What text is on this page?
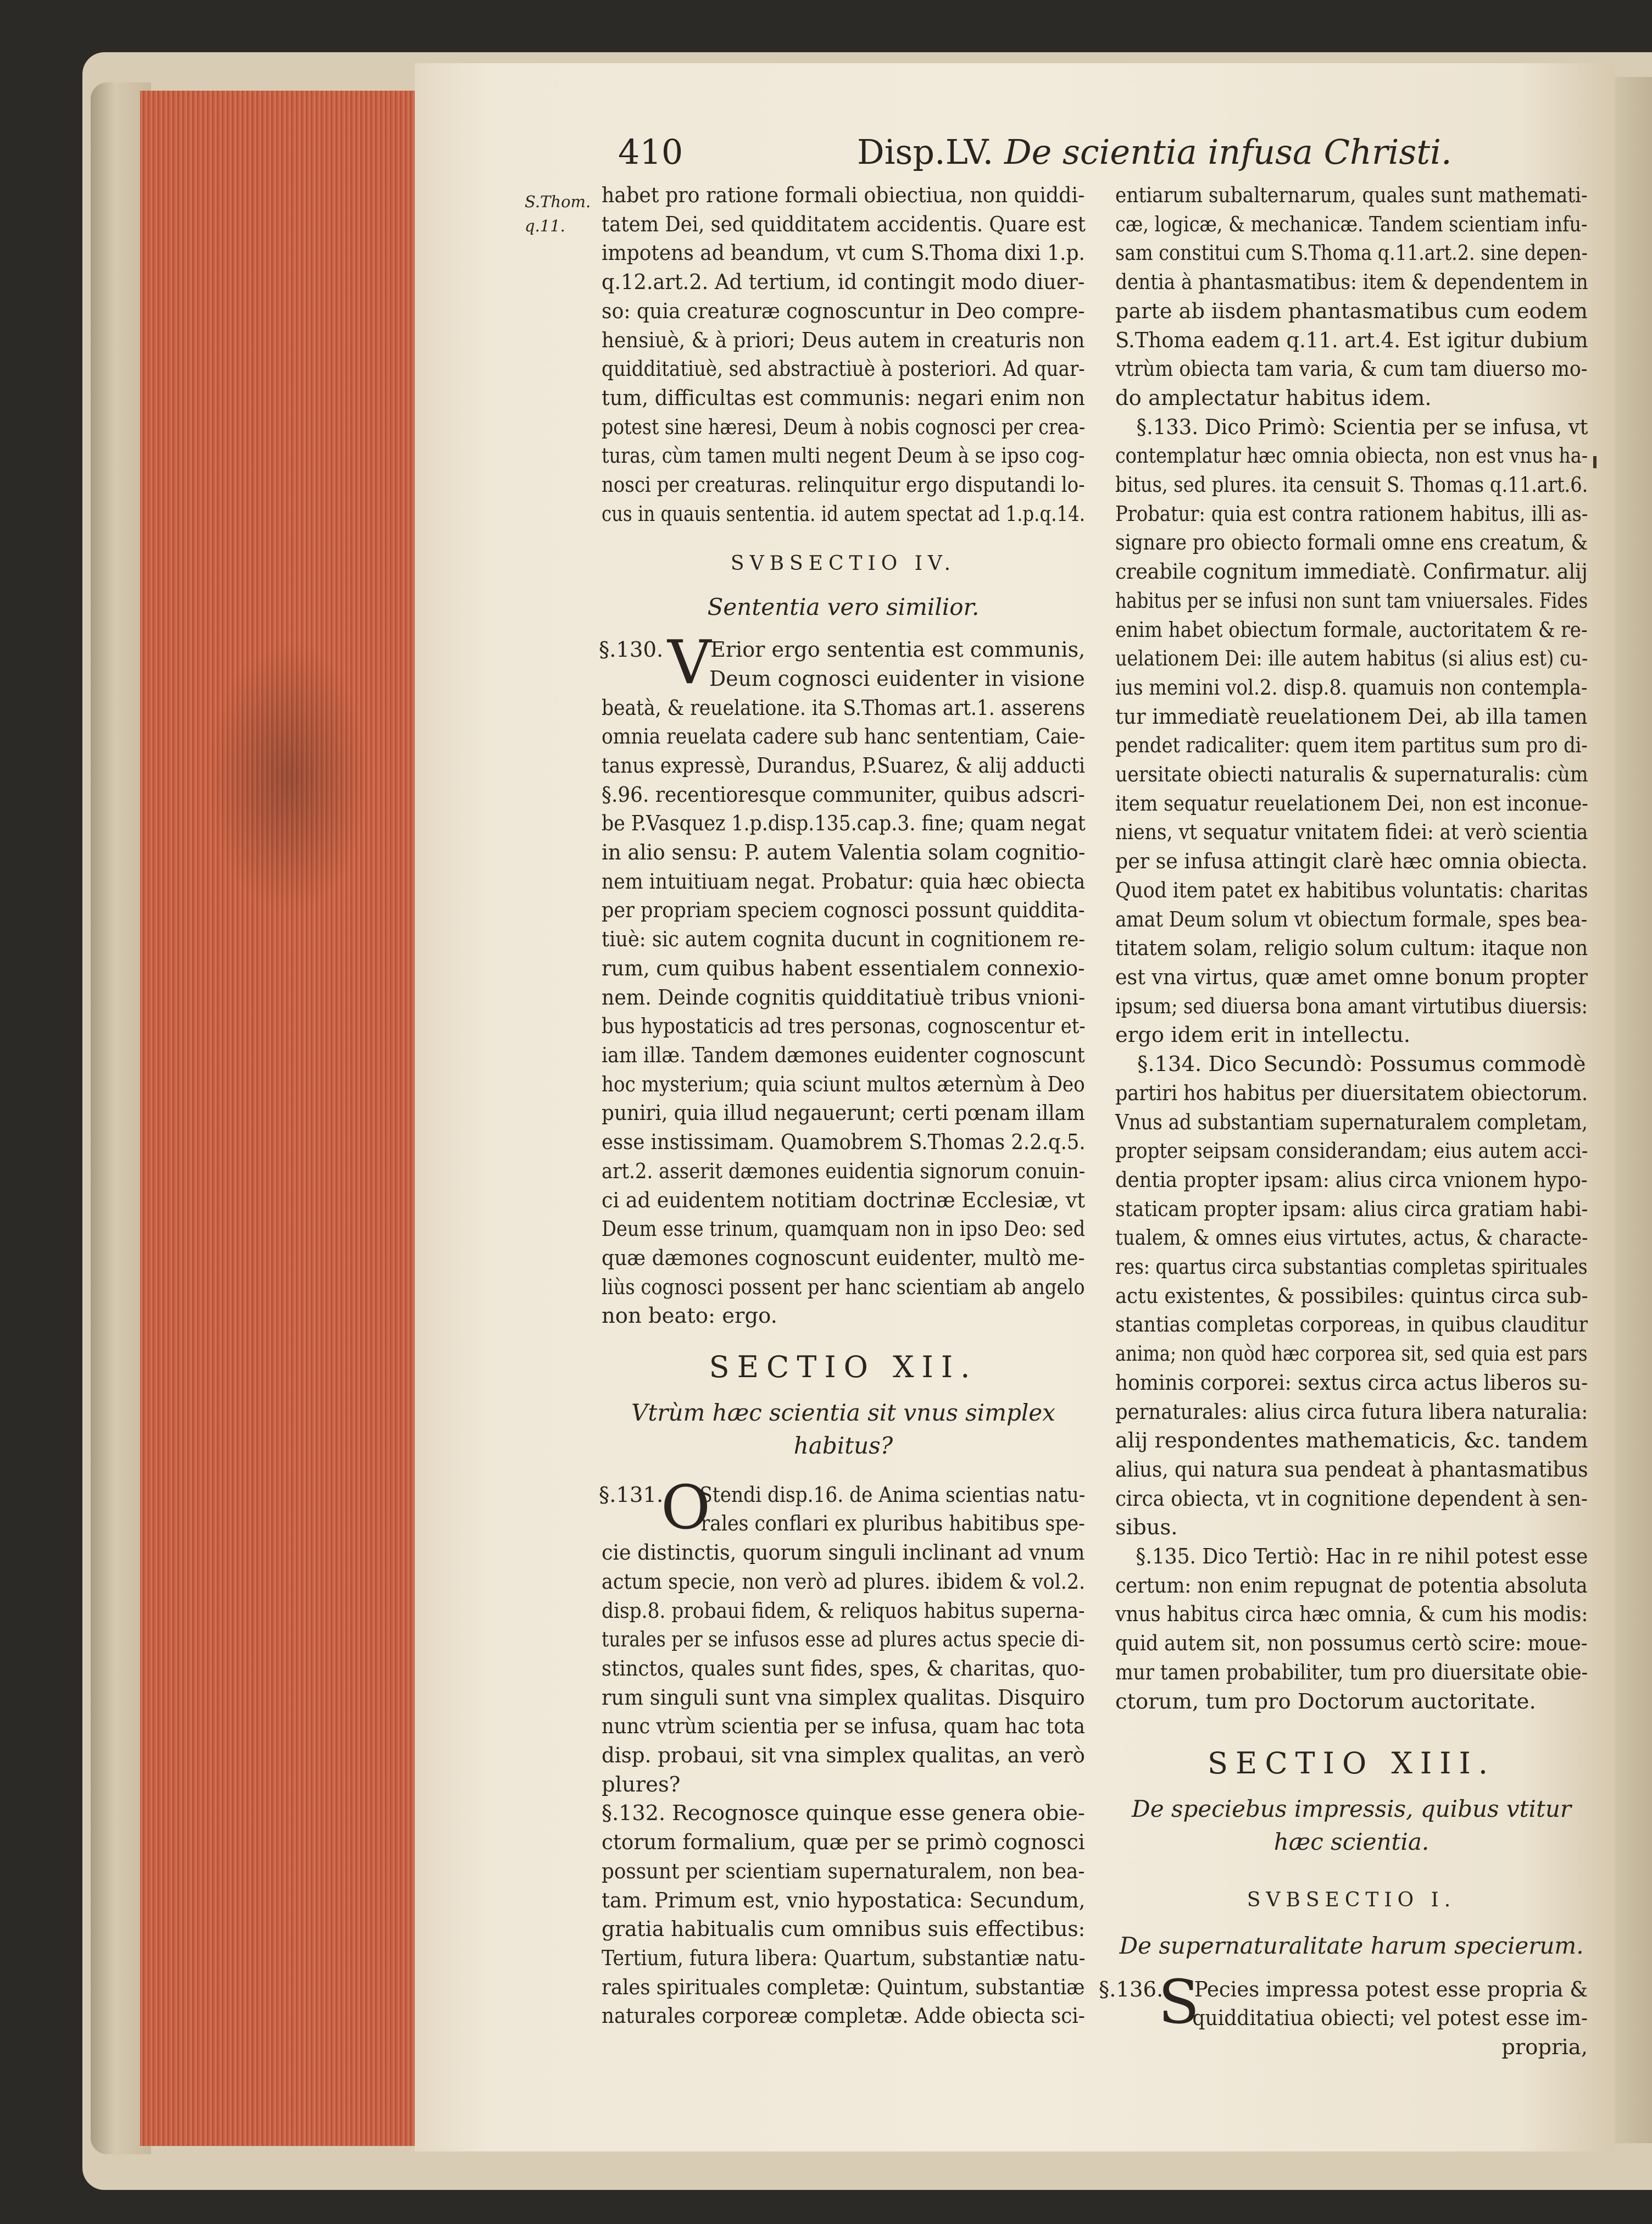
410	Disp.LV. De scientia infusa Christi.
S.Thom.
q.11.

habet pro ratione formali obiectiua, non quiddi-

tatem Dei, sed quidditatem accidentis. Quare est

impotens ad beandum, vt cum S.Thoma dixi 1.p.

q.12.art.2. Ad tertium, id contingit modo diuer-

so: quia creaturæ cognoscuntur in Deo compre-

hensiuè, & à priori; Deus autem in creaturis non

quidditatiuè, sed abstractiuè à posteriori. Ad quar-

tum, difficultas est communis: negari enim non

potest sine hæresi, Deum à nobis cognosci per crea-

turas, cùm tamen multi negent Deum à se ipso cog-

nosci per creaturas. relinquitur ergo disputandi lo-

cus in quauis sententia. id autem spectat ad 1.p.q.14.

SVBSECTIO IV.

Sententia vero similior.

§.130. V

Erior ergo sententia est communis,

Deum cognosci euidenter in visione

beatà, & reuelatione. ita S.Thomas art.1. asserens

omnia reuelata cadere sub hanc sententiam, Caie-

tanus expressè, Durandus, P.Suarez, & alij adducti

§.96. recentioresque communiter, quibus adscri-

be P.Vasquez 1.p.disp.135.cap.3. fine; quam negat

in alio sensu: P. autem Valentia solam cognitio-

nem intuitiuam negat. Probatur: quia hæc obiecta

per propriam speciem cognosci possunt quiddita-

tiuè: sic autem cognita ducunt in cognitionem re-

rum, cum quibus habent essentialem connexio-

nem. Deinde cognitis quidditatiuè tribus vnioni-

bus hypostaticis ad tres personas, cognoscentur et-

iam illæ. Tandem dæmones euidenter cognoscunt

hoc mysterium; quia sciunt multos æternùm à Deo

puniri, quia illud negauerunt; certi pœnam illam

esse instissimam. Quamobrem S.Thomas 2.2.q.5.

art.2. asserit dæmones euidentia signorum conuin-

ci ad euidentem notitiam doctrinæ Ecclesiæ, vt

Deum esse trinum, quamquam non in ipso Deo: sed

quæ dæmones cognoscunt euidenter, multò me-

liùs cognosci possent per hanc scientiam ab angelo

non beato: ergo.

SECTIO XII.

Vtrùm hæc scientia sit vnus simplex

habitus?

§.131.
O

Stendi disp.16. de Anima scientias natu-

rales conflari ex pluribus habitibus spe-

cie distinctis, quorum singuli inclinant ad vnum

actum specie, non verò ad plures. ibidem & vol.2.

disp.8. probaui fidem, & reliquos habitus superna-

turales per se infusos esse ad plures actus specie di-

stinctos, quales sunt fides, spes, & charitas, quo-

rum singuli sunt vna simplex qualitas. Disquiro

nunc vtrùm scientia per se infusa, quam hac tota

disp. probaui, sit vna simplex qualitas, an verò

plures?

§.132. Recognosce quinque esse genera obie-

ctorum formalium, quæ per se primò cognosci

possunt per scientiam supernaturalem, non bea-

tam. Primum est, vnio hypostatica: Secundum,

gratia habitualis cum omnibus suis effectibus:

Tertium, futura libera: Quartum, substantiæ natu-

rales spirituales completæ: Quintum, substantiæ

naturales corporeæ completæ. Adde obiecta sci-

entiarum subalternarum, quales sunt mathemati-

cæ, logicæ, & mechanicæ. Tandem scientiam infu-

sam constitui cum S.Thoma q.11.art.2. sine depen-

dentia à phantasmatibus: item & dependentem in

parte ab iisdem phantasmatibus cum eodem

S.Thoma eadem q.11. art.4. Est igitur dubium

vtrùm obiecta tam varia, & cum tam diuerso mo-

do amplectatur habitus idem.

§.133. Dico Primò: Scientia per se infusa, vt

contemplatur hæc omnia obiecta, non est vnus ha-

bitus, sed plures. ita censuit S. Thomas q.11.art.6.

Probatur: quia est contra rationem habitus, illi as-

signare pro obiecto formali omne ens creatum, &

creabile cognitum immediatè. Confirmatur. alij

habitus per se infusi non sunt tam vniuersales. Fides

enim habet obiectum formale, auctoritatem & re-

uelationem Dei: ille autem habitus (si alius est) cu-

ius memini vol.2. disp.8. quamuis non contempla-

tur immediatè reuelationem Dei, ab illa tamen

pendet radicaliter: quem item partitus sum pro di-

uersitate obiecti naturalis & supernaturalis: cùm

item sequatur reuelationem Dei, non est inconue-

niens, vt sequatur vnitatem fidei: at verò scientia

per se infusa attingit clarè hæc omnia obiecta.

Quod item patet ex habitibus voluntatis: charitas

amat Deum solum vt obiectum formale, spes bea-

titatem solam, religio solum cultum: itaque non

est vna virtus, quæ amet omne bonum propter

ipsum; sed diuersa bona amant virtutibus diuersis:

ergo idem erit in intellectu.

§.134. Dico Secundò: Possumus commodè

partiri hos habitus per diuersitatem obiectorum.

Vnus ad substantiam supernaturalem completam,

propter seipsam considerandam; eius autem acci-

dentia propter ipsam: alius circa vnionem hypo-

staticam propter ipsam: alius circa gratiam habi-

tualem, & omnes eius virtutes, actus, & characte-

res: quartus circa substantias completas spirituales

actu existentes, & possibiles: quintus circa sub-

stantias completas corporeas, in quibus clauditur

anima; non quòd hæc corporea sit, sed quia est pars

hominis corporei: sextus circa actus liberos su-

pernaturales: alius circa futura libera naturalia:

alij respondentes mathematicis, &c. tandem

alius, qui natura sua pendeat à phantasmatibus

circa obiecta, vt in cognitione dependent à sen-

sibus.

§.135. Dico Tertiò: Hac in re nihil potest esse

certum: non enim repugnat de potentia absoluta

vnus habitus circa hæc omnia, & cum his modis:

quid autem sit, non possumus certò scire: moue-

mur tamen probabiliter, tum pro diuersitate obie-

ctorum, tum pro Doctorum auctoritate.

SECTIO XIII.

De speciebus impressis, quibus vtitur

hæc scientia.

SVBSECTIO I.

De supernaturalitate harum specierum.

§.136.
S

Pecies impressa potest esse propria &

quidditatiua obiecti; vel potest esse im-

propria,
